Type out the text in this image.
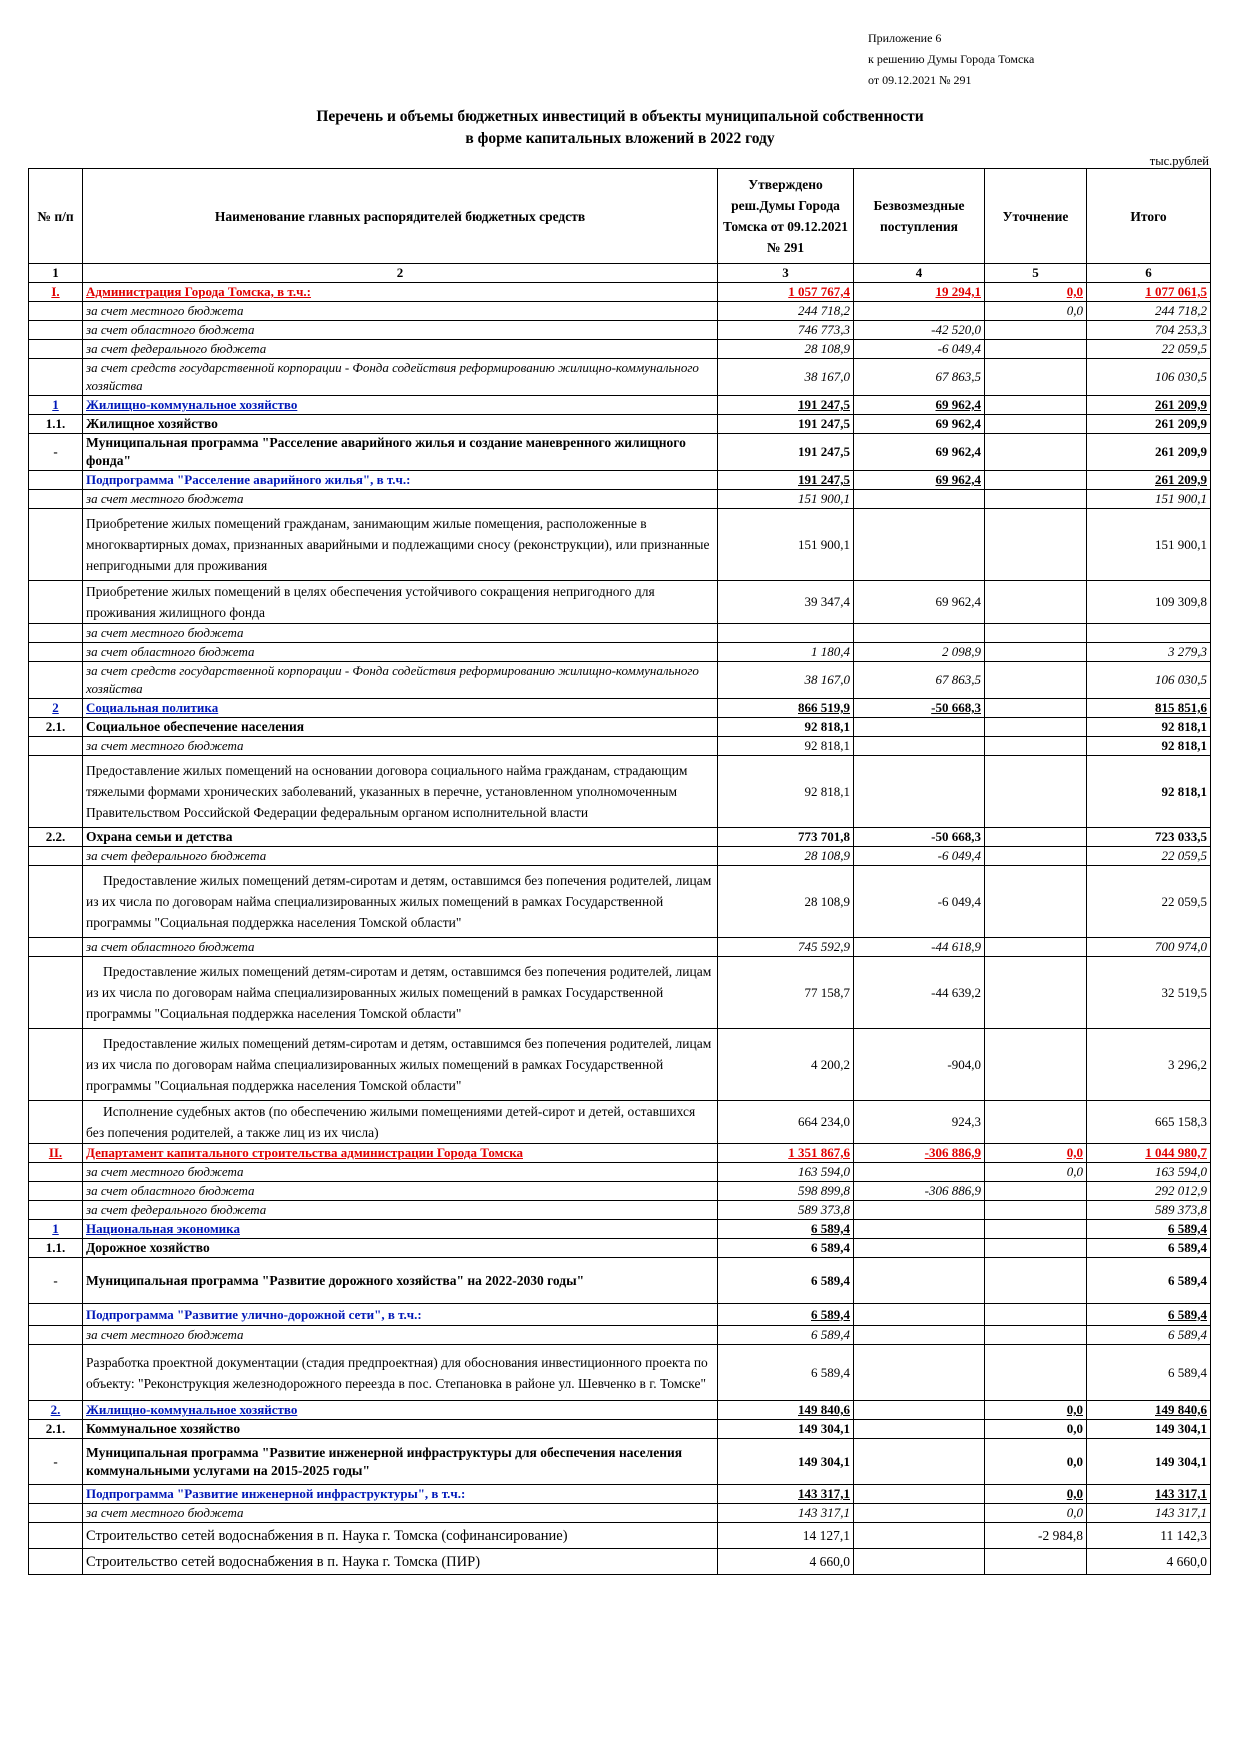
Приложение 6
к решению Думы Города Томска
от 09.12.2021 № 291
Перечень и объемы бюджетных инвестиций в объекты муниципальной собственности
в форме капитальных вложений в 2022 году
тыс.рублей
№ п/п	Наименование главных распорядителей бюджетных средств	Утверждено реш.Думы Города Томска от 09.12.2021 № 291	Безвозмездные поступления	Уточнение	Итого
1	2	3	4	5	6
I.	Администрация Города Томска, в т.ч.:	1 057 767,4	19 294,1	0,0	1 077 061,5
	за счет местного бюджета	244 718,2		0,0	244 718,2
	за счет областного бюджета	746 773,3	-42 520,0		704 253,3
	за счет федерального бюджета	28 108,9	-6 049,4		22 059,5
	за счет средств государственной корпорации - Фонда содействия реформированию жилищно-коммунального хозяйства	38 167,0	67 863,5		106 030,5
1	Жилищно-коммунальное хозяйство	191 247,5	69 962,4		261 209,9
1.1.	Жилищное хозяйство	191 247,5	69 962,4		261 209,9
-	Муниципальная программа "Расселение аварийного жилья и создание маневренного жилищного фонда"	191 247,5	69 962,4		261 209,9
	Подпрограмма "Расселение аварийного жилья", в т.ч.:	191 247,5	69 962,4		261 209,9
	за счет местного бюджета	151 900,1			151 900,1
	Приобретение жилых помещений гражданам, занимающим жилые помещения, расположенные в многоквартирных домах, признанных аварийными и подлежащими сносу (реконструкции), или признанные непригодными для проживания	151 900,1			151 900,1
	Приобретение жилых помещений в целях обеспечения устойчивого сокращения непригодного для проживания жилищного фонда	39 347,4	69 962,4		109 309,8
	за счет местного бюджета				
	за счет областного бюджета	1 180,4	2 098,9		3 279,3
	за счет средств государственной корпорации - Фонда содействия реформированию жилищно-коммунального хозяйства	38 167,0	67 863,5		106 030,5
2	Социальная политика	866 519,9	-50 668,3		815 851,6
2.1.	Социальное обеспечение населения	92 818,1			92 818,1
	за счет местного бюджета	92 818,1			92 818,1
	Предоставление жилых помещений на основании договора социального найма гражданам, страдающим тяжелыми формами хронических заболеваний, указанных в перечне, установленном уполномоченным Правительством Российской Федерации федеральным органом исполнительной власти	92 818,1			92 818,1
2.2.	Охрана семьи и детства	773 701,8	-50 668,3		723 033,5
	за счет федерального бюджета	28 108,9	-6 049,4		22 059,5
	Предоставление жилых помещений детям-сиротам и детям, оставшимся без попечения родителей, лицам из их числа по договорам найма специализированных жилых помещений в рамках Государственной программы "Социальная поддержка населения Томской области"	28 108,9	-6 049,4		22 059,5
	за счет областного бюджета	745 592,9	-44 618,9		700 974,0
	Предоставление жилых помещений детям-сиротам и детям, оставшимся без попечения родителей, лицам из их числа по договорам найма специализированных жилых помещений в рамках Государственной программы "Социальная поддержка населения Томской области"	77 158,7	-44 639,2		32 519,5
	Предоставление жилых помещений детям-сиротам и детям, оставшимся без попечения родителей, лицам из их числа по договорам найма специализированных жилых помещений в рамках Государственной программы "Социальная поддержка населения Томской области"	4 200,2	-904,0		3 296,2
	Исполнение судебных актов (по обеспечению жилыми помещениями детей-сирот и детей, оставшихся без попечения родителей, а также лиц из их числа)	664 234,0	924,3		665 158,3
II.	Департамент капитального строительства администрации Города Томска	1 351 867,6	-306 886,9	0,0	1 044 980,7
	за счет местного бюджета	163 594,0		0,0	163 594,0
	за счет областного бюджета	598 899,8	-306 886,9		292 012,9
	за счет федерального бюджета	589 373,8			589 373,8
1	Национальная экономика	6 589,4			6 589,4
1.1.	Дорожное хозяйство	6 589,4			6 589,4
-	Муниципальная программа "Развитие дорожного хозяйства" на 2022-2030 годы"	6 589,4			6 589,4
	Подпрограмма "Развитие улично-дорожной сети", в т.ч.:	6 589,4			6 589,4
	за счет местного бюджета	6 589,4			6 589,4
	Разработка проектной документации (стадия предпроектная) для обоснования инвестиционного проекта по объекту: "Реконструкция железнодорожного переезда в пос. Степановка в районе ул. Шевченко в г. Томске"	6 589,4			6 589,4
2.	Жилищно-коммунальное хозяйство	149 840,6		0,0	149 840,6
2.1.	Коммунальное хозяйство	149 304,1		0,0	149 304,1
-	Муниципальная программа "Развитие инженерной инфраструктуры для обеспечения населения коммунальными услугами на 2015-2025 годы"	149 304,1		0,0	149 304,1
	Подпрограмма "Развитие инженерной инфраструктуры", в т.ч.:	143 317,1		0,0	143 317,1
	за счет местного бюджета	143 317,1		0,0	143 317,1
	Строительство сетей водоснабжения в п. Наука г. Томска (софинансирование)	14 127,1		-2 984,8	11 142,3
	Строительство сетей водоснабжения в п. Наука г. Томска (ПИР)	4 660,0			4 660,0
